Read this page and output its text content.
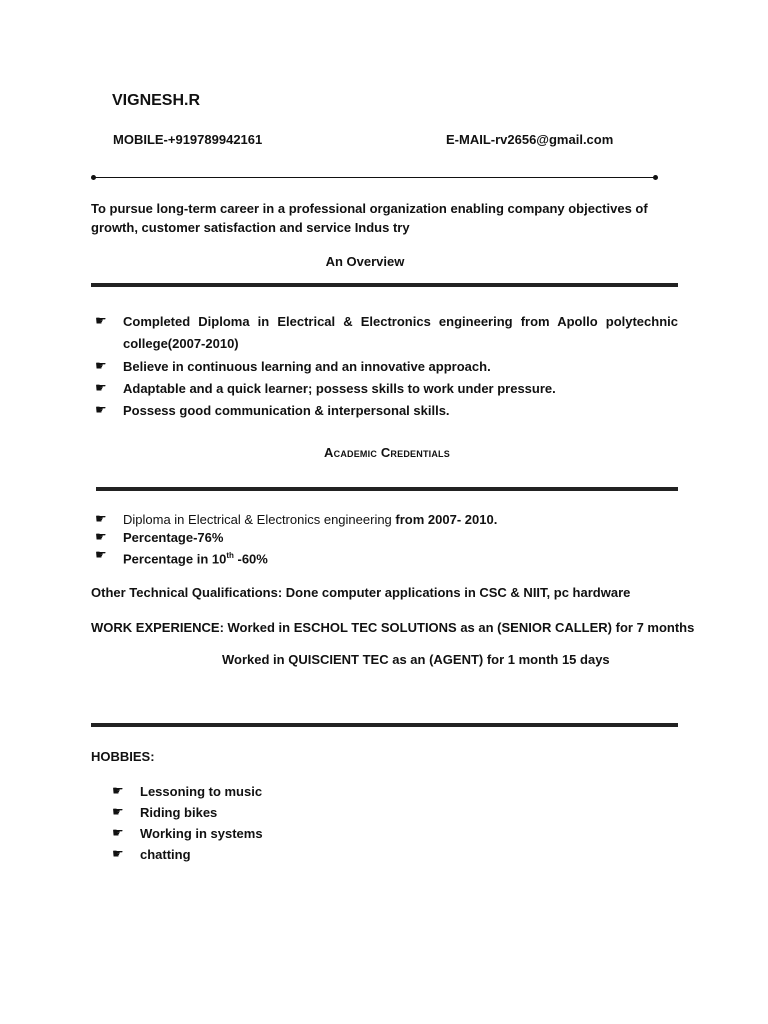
VIGNESH.R
MOBILE-+919789942161	E-MAIL-rv2656@gmail.com
To pursue long-term career in a professional organization enabling company objectives of growth, customer satisfaction and service Indus try
An Overview
☛ Completed Diploma in Electrical & Electronics engineering from Apollo polytechnic college(2007-2010)
☛ Believe in continuous learning and an innovative approach.
☛ Adaptable and a quick learner; possess skills to work under pressure.
☛ Possess good communication & interpersonal skills.
Academic Credentials
☛ Diploma in Electrical & Electronics engineering from 2007- 2010.
☛ Percentage-76%
☛ Percentage in 10th -60%
Other Technical Qualifications: Done computer applications in CSC & NIIT, pc hardware
WORK EXPERIENCE: Worked in ESCHOL TEC SOLUTIONS as an (SENIOR CALLER) for 7 months
Worked in QUISCIENT TEC as an (AGENT) for 1 month 15 days
HOBBIES:
☛ Lessoning to music
☛ Riding bikes
☛ Working in systems
☛ chatting
